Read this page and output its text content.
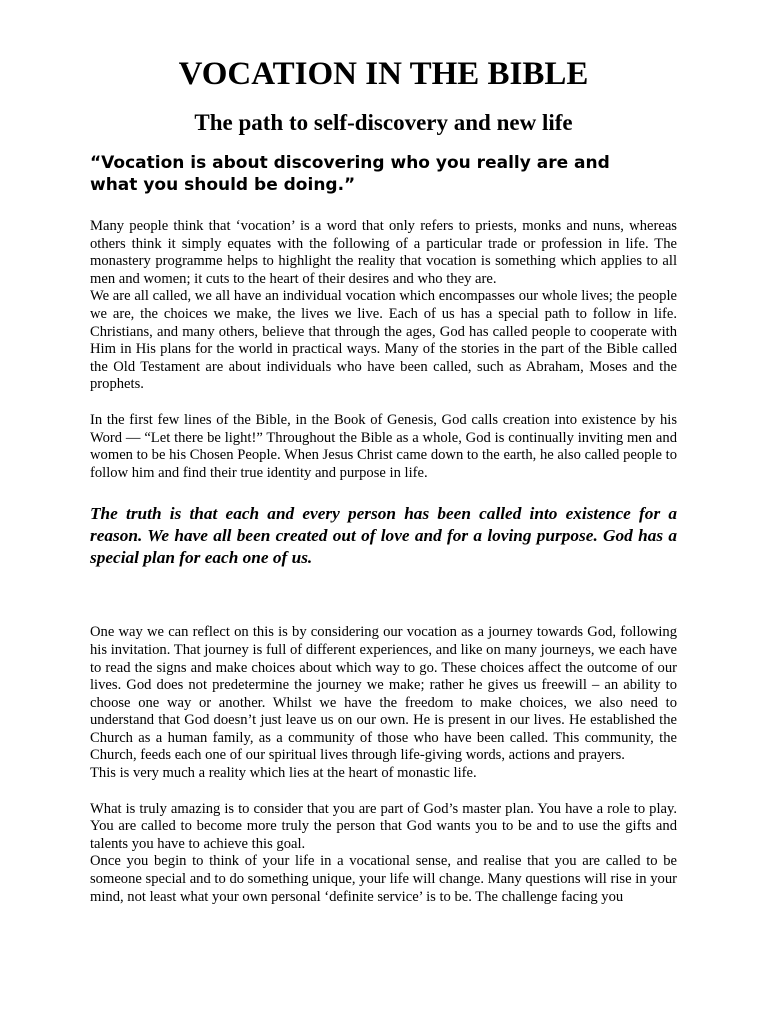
VOCATION IN THE BIBLE
The path to self-discovery and new life

“Vocation is about discovering who you really are and what you should be doing.”

Many people think that ‘vocation’ is a word that only refers to priests, monks and nuns, whereas others think it simply equates with the following of a particular trade or profession in life. The monastery programme helps to highlight the reality that vocation is something which applies to all men and women; it cuts to the heart of their desires and who they are.

We are all called, we all have an individual vocation which encompasses our whole lives; the people we are, the choices we make, the lives we live. Each of us has a special path to follow in life. Christians, and many others, believe that through the ages, God has called people to cooperate with Him in His plans for the world in practical ways. Many of the stories in the part of the Bible called the Old Testament are about individuals who have been called, such as Abraham, Moses and the prophets.

In the first few lines of the Bible, in the Book of Genesis, God calls creation into existence by his Word — “Let there be light!” Throughout the Bible as a whole, God is continually inviting men and women to be his Chosen People. When Jesus Christ came down to the earth, he also called people to follow him and find their true identity and purpose in life.

The truth is that each and every person has been called into existence for a reason. We have all been created out of love and for a loving purpose. God has a special plan for each one of us.

One way we can reflect on this is by considering our vocation as a journey towards God, following his invitation. That journey is full of different experiences, and like on many journeys, we each have to read the signs and make choices about which way to go. These choices affect the outcome of our lives. God does not predetermine the journey we make; rather he gives us freewill – an ability to choose one way or another. Whilst we have the freedom to make choices, we also need to understand that God doesn’t just leave us on our own. He is present in our lives. He established the Church as a human family, as a community of those who have been called. This community, the Church, feeds each one of our spiritual lives through life-giving words, actions and prayers.

This is very much a reality which lies at the heart of monastic life.

What is truly amazing is to consider that you are part of God’s master plan. You have a role to play. You are called to become more truly the person that God wants you to be and to use the gifts and talents you have to achieve this goal.

Once you begin to think of your life in a vocational sense, and realise that you are called to be someone special and to do something unique, your life will change. Many questions will rise in your mind, not least what your own personal ‘definite service’ is to be. The challenge facing you
